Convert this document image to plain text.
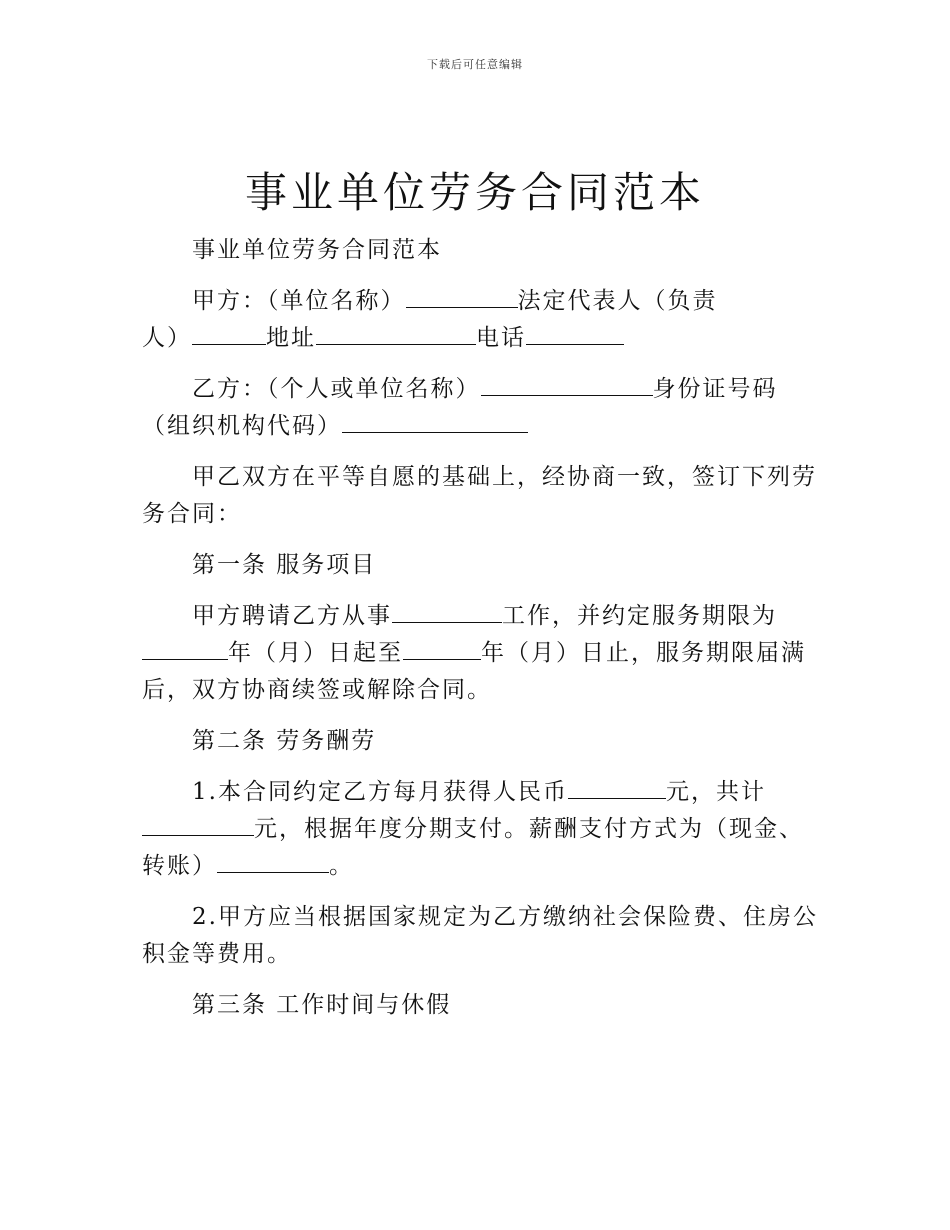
下载后可任意编辑
事业单位劳务合同范本

事业单位劳务合同范本

甲方：（单位名称）	法定代表人（负责
人）	地址	电话
乙方：（个人或单位名称）	身份证号码
（组织机构代码）
甲乙双方在平等自愿的基础上，经协商一致，签订下列劳
务合同：

第一条 服务项目

甲方聘请乙方从事	工作，并约定服务期限为
年（月）日起至	年（月）日止，服务期限届满
后，双方协商续签或解除合同。

第二条 劳务酬劳

1.本合同约定乙方每月获得人民币	元，共计
元，根据年度分期支付。薪酬支付方式为（现金、
转账）	。
2.甲方应当根据国家规定为乙方缴纳社会保险费、住房公
积金等费用。

第三条 工作时间与休假
